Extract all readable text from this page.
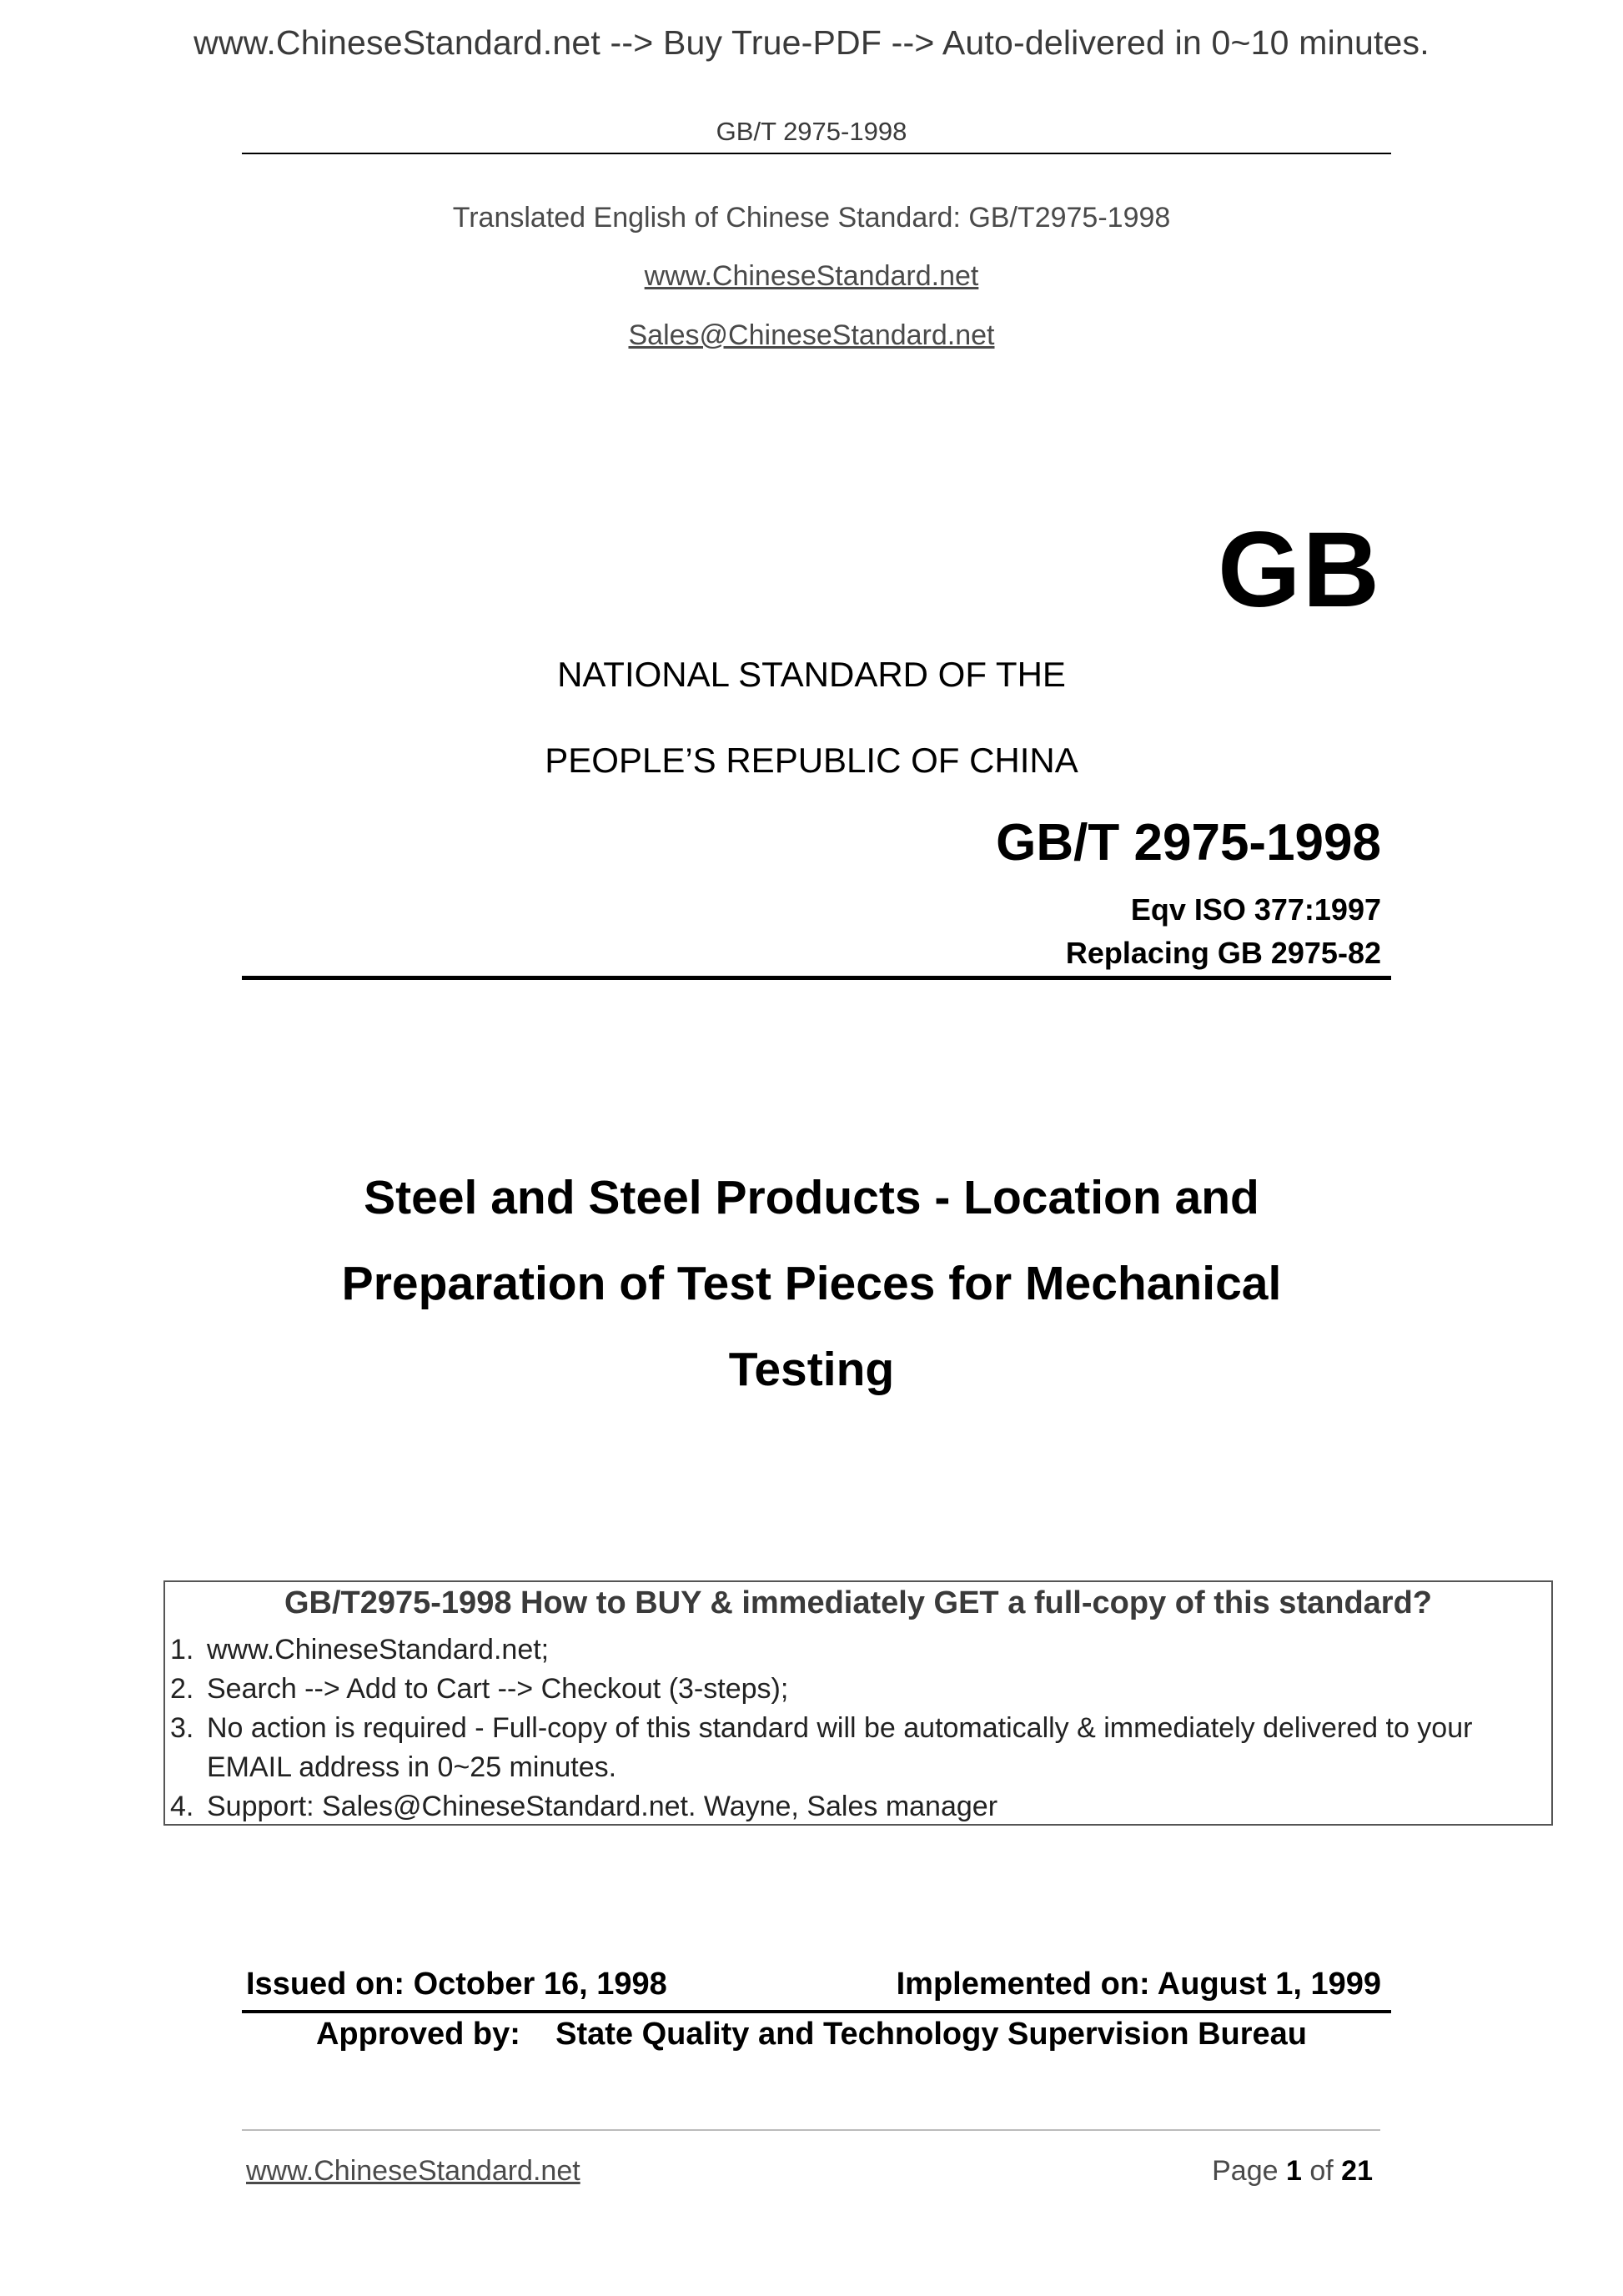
www.ChineseStandard.net --> Buy True-PDF --> Auto-delivered in 0~10 minutes.
GB/T 2975-1998
Translated English of Chinese Standard: GB/T2975-1998
www.ChineseStandard.net
Sales@ChineseStandard.net
GB
NATIONAL STANDARD OF THE
PEOPLE’S REPUBLIC OF CHINA
GB/T 2975-1998
Eqv ISO 377:1997
Replacing GB 2975-82
Steel and Steel Products - Location and
Preparation of Test Pieces for Mechanical
Testing
GB/T2975-1998 How to BUY & immediately GET a full-copy of this standard?
1. www.ChineseStandard.net;
2. Search --> Add to Cart --> Checkout (3-steps);
3. No action is required - Full-copy of this standard will be automatically & immediately delivered to your EMAIL address in 0~25 minutes.
4. Support: Sales@ChineseStandard.net. Wayne, Sales manager
Issued on: October 16, 1998	Implemented on: August 1, 1999
Approved by:    State Quality and Technology Supervision Bureau
www.ChineseStandard.net	Page 1 of 21
